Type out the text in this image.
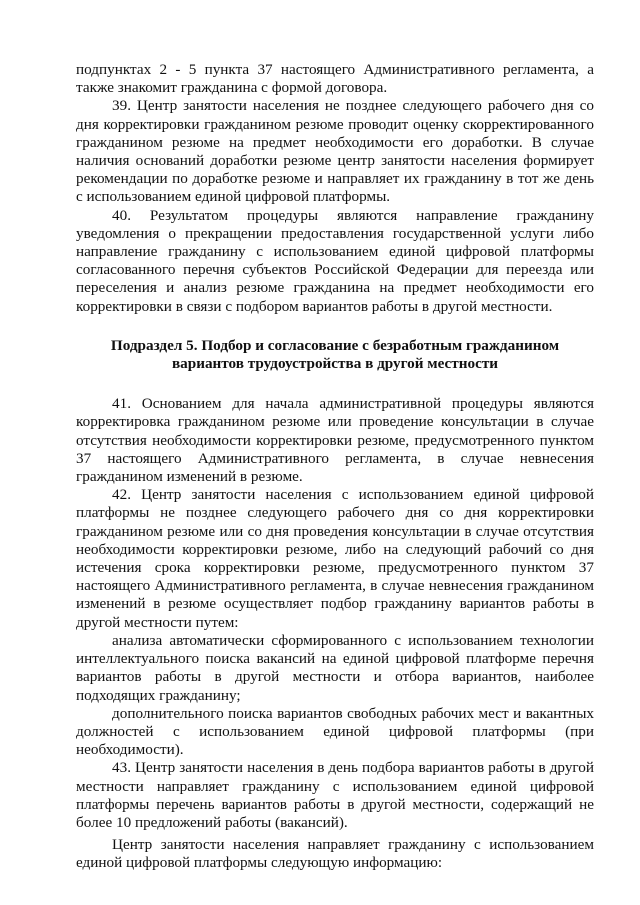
подпунктах 2 - 5 пункта 37 настоящего Административного регламента, а также знакомит гражданина с формой договора.

39. Центр занятости населения не позднее следующего рабочего дня со дня корректировки гражданином резюме проводит оценку скорректированного гражданином резюме на предмет необходимости его доработки. В случае наличия оснований доработки резюме центр занятости населения формирует рекомендации по доработке резюме и направляет их гражданину в тот же день с использованием единой цифровой платформы.

40. Результатом процедуры являются направление гражданину уведомления о прекращении предоставления государственной услуги либо направление гражданину с использованием единой цифровой платформы согласованного перечня субъектов Российской Федерации для переезда или переселения и анализ резюме гражданина на предмет необходимости его корректировки в связи с подбором вариантов работы в другой местности.

Подраздел 5. Подбор и согласование с безработным гражданином
вариантов трудоустройства в другой местности

41. Основанием для начала административной процедуры являются корректировка гражданином резюме или проведение консультации в случае отсутствия необходимости корректировки резюме, предусмотренного пунктом 37 настоящего Административного регламента, в случае невнесения гражданином изменений в резюме.

42. Центр занятости населения с использованием единой цифровой платформы не позднее следующего рабочего дня со дня корректировки гражданином резюме или со дня проведения консультации в случае отсутствия необходимости корректировки резюме, либо на следующий рабочий со дня истечения срока корректировки резюме, предусмотренного пунктом 37 настоящего Административного регламента, в случае невнесения гражданином изменений в резюме осуществляет подбор гражданину вариантов работы в другой местности путем:

анализа автоматически сформированного с использованием технологии интеллектуального поиска вакансий на единой цифровой платформе перечня вариантов работы в другой местности и отбора вариантов, наиболее подходящих гражданину;

дополнительного поиска вариантов свободных рабочих мест и вакантных должностей с использованием единой цифровой платформы (при необходимости).

43. Центр занятости населения в день подбора вариантов работы в другой местности направляет гражданину с использованием единой цифровой платформы перечень вариантов работы в другой местности, содержащий не более 10 предложений работы (вакансий).

Центр занятости населения направляет гражданину с использованием единой цифровой платформы следующую информацию:
